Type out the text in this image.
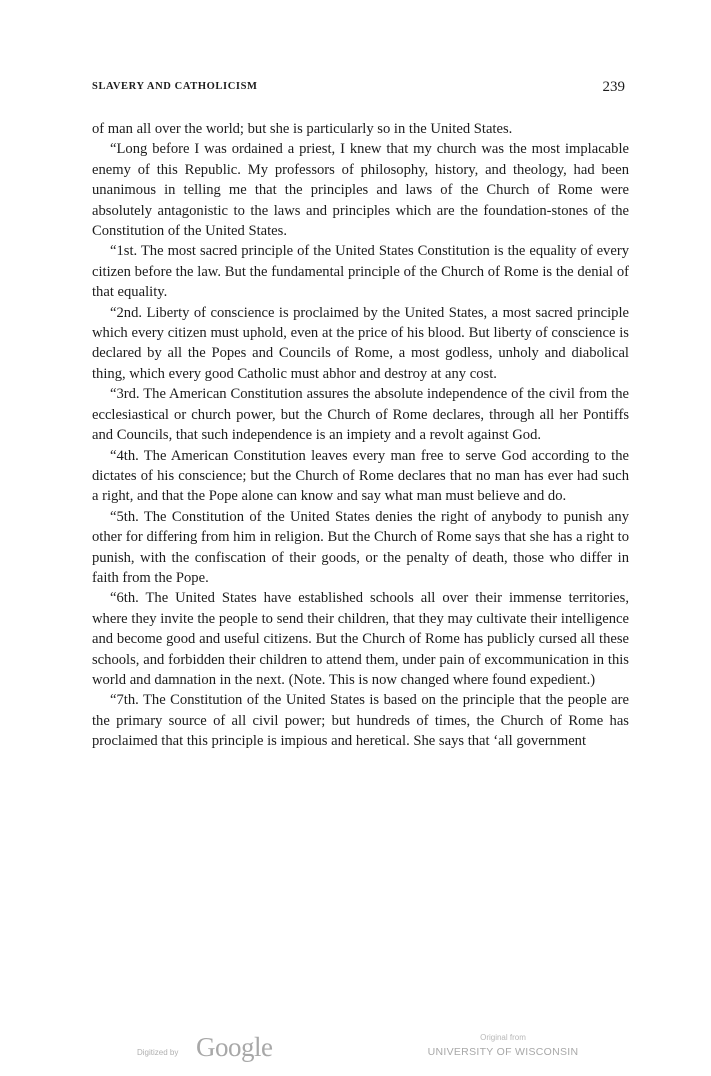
SLAVERY AND CATHOLICISM	239

of man all over the world; but she is particularly so in the United States.

“Long before I was ordained a priest, I knew that my church was the most implacable enemy of this Republic. My professors of philosophy, history, and theology, had been unanimous in telling me that the principles and laws of the Church of Rome were absolutely antagonistic to the laws and principles which are the foundation-stones of the Constitution of the United States.

“1st. The most sacred principle of the United States Constitution is the equality of every citizen before the law. But the fundamental principle of the Church of Rome is the denial of that equality.

“2nd. Liberty of conscience is proclaimed by the United States, a most sacred principle which every citizen must uphold, even at the price of his blood. But liberty of conscience is declared by all the Popes and Councils of Rome, a most godless, unholy and diabolical thing, which every good Catholic must abhor and destroy at any cost.

“3rd. The American Constitution assures the absolute independence of the civil from the ecclesiastical or church power, but the Church of Rome declares, through all her Pontiffs and Councils, that such independence is an impiety and a revolt against God.

“4th. The American Constitution leaves every man free to serve God according to the dictates of his conscience; but the Church of Rome declares that no man has ever had such a right, and that the Pope alone can know and say what man must believe and do.

“5th. The Constitution of the United States denies the right of anybody to punish any other for differing from him in religion. But the Church of Rome says that she has a right to punish, with the confiscation of their goods, or the penalty of death, those who differ in faith from the Pope.

“6th. The United States have established schools all over their immense territories, where they invite the people to send their children, that they may cultivate their intelligence and become good and useful citizens. But the Church of Rome has publicly cursed all these schools, and forbidden their children to attend them, under pain of excommunication in this world and damnation in the next. (Note. This is now changed where found expedient.)

“7th. The Constitution of the United States is based on the principle that the people are the primary source of all civil power; but hundreds of times, the Church of Rome has proclaimed that this principle is impious and heretical. She says that ‘all government

Digitized by Google	Original from
UNIVERSITY OF WISCONSIN
